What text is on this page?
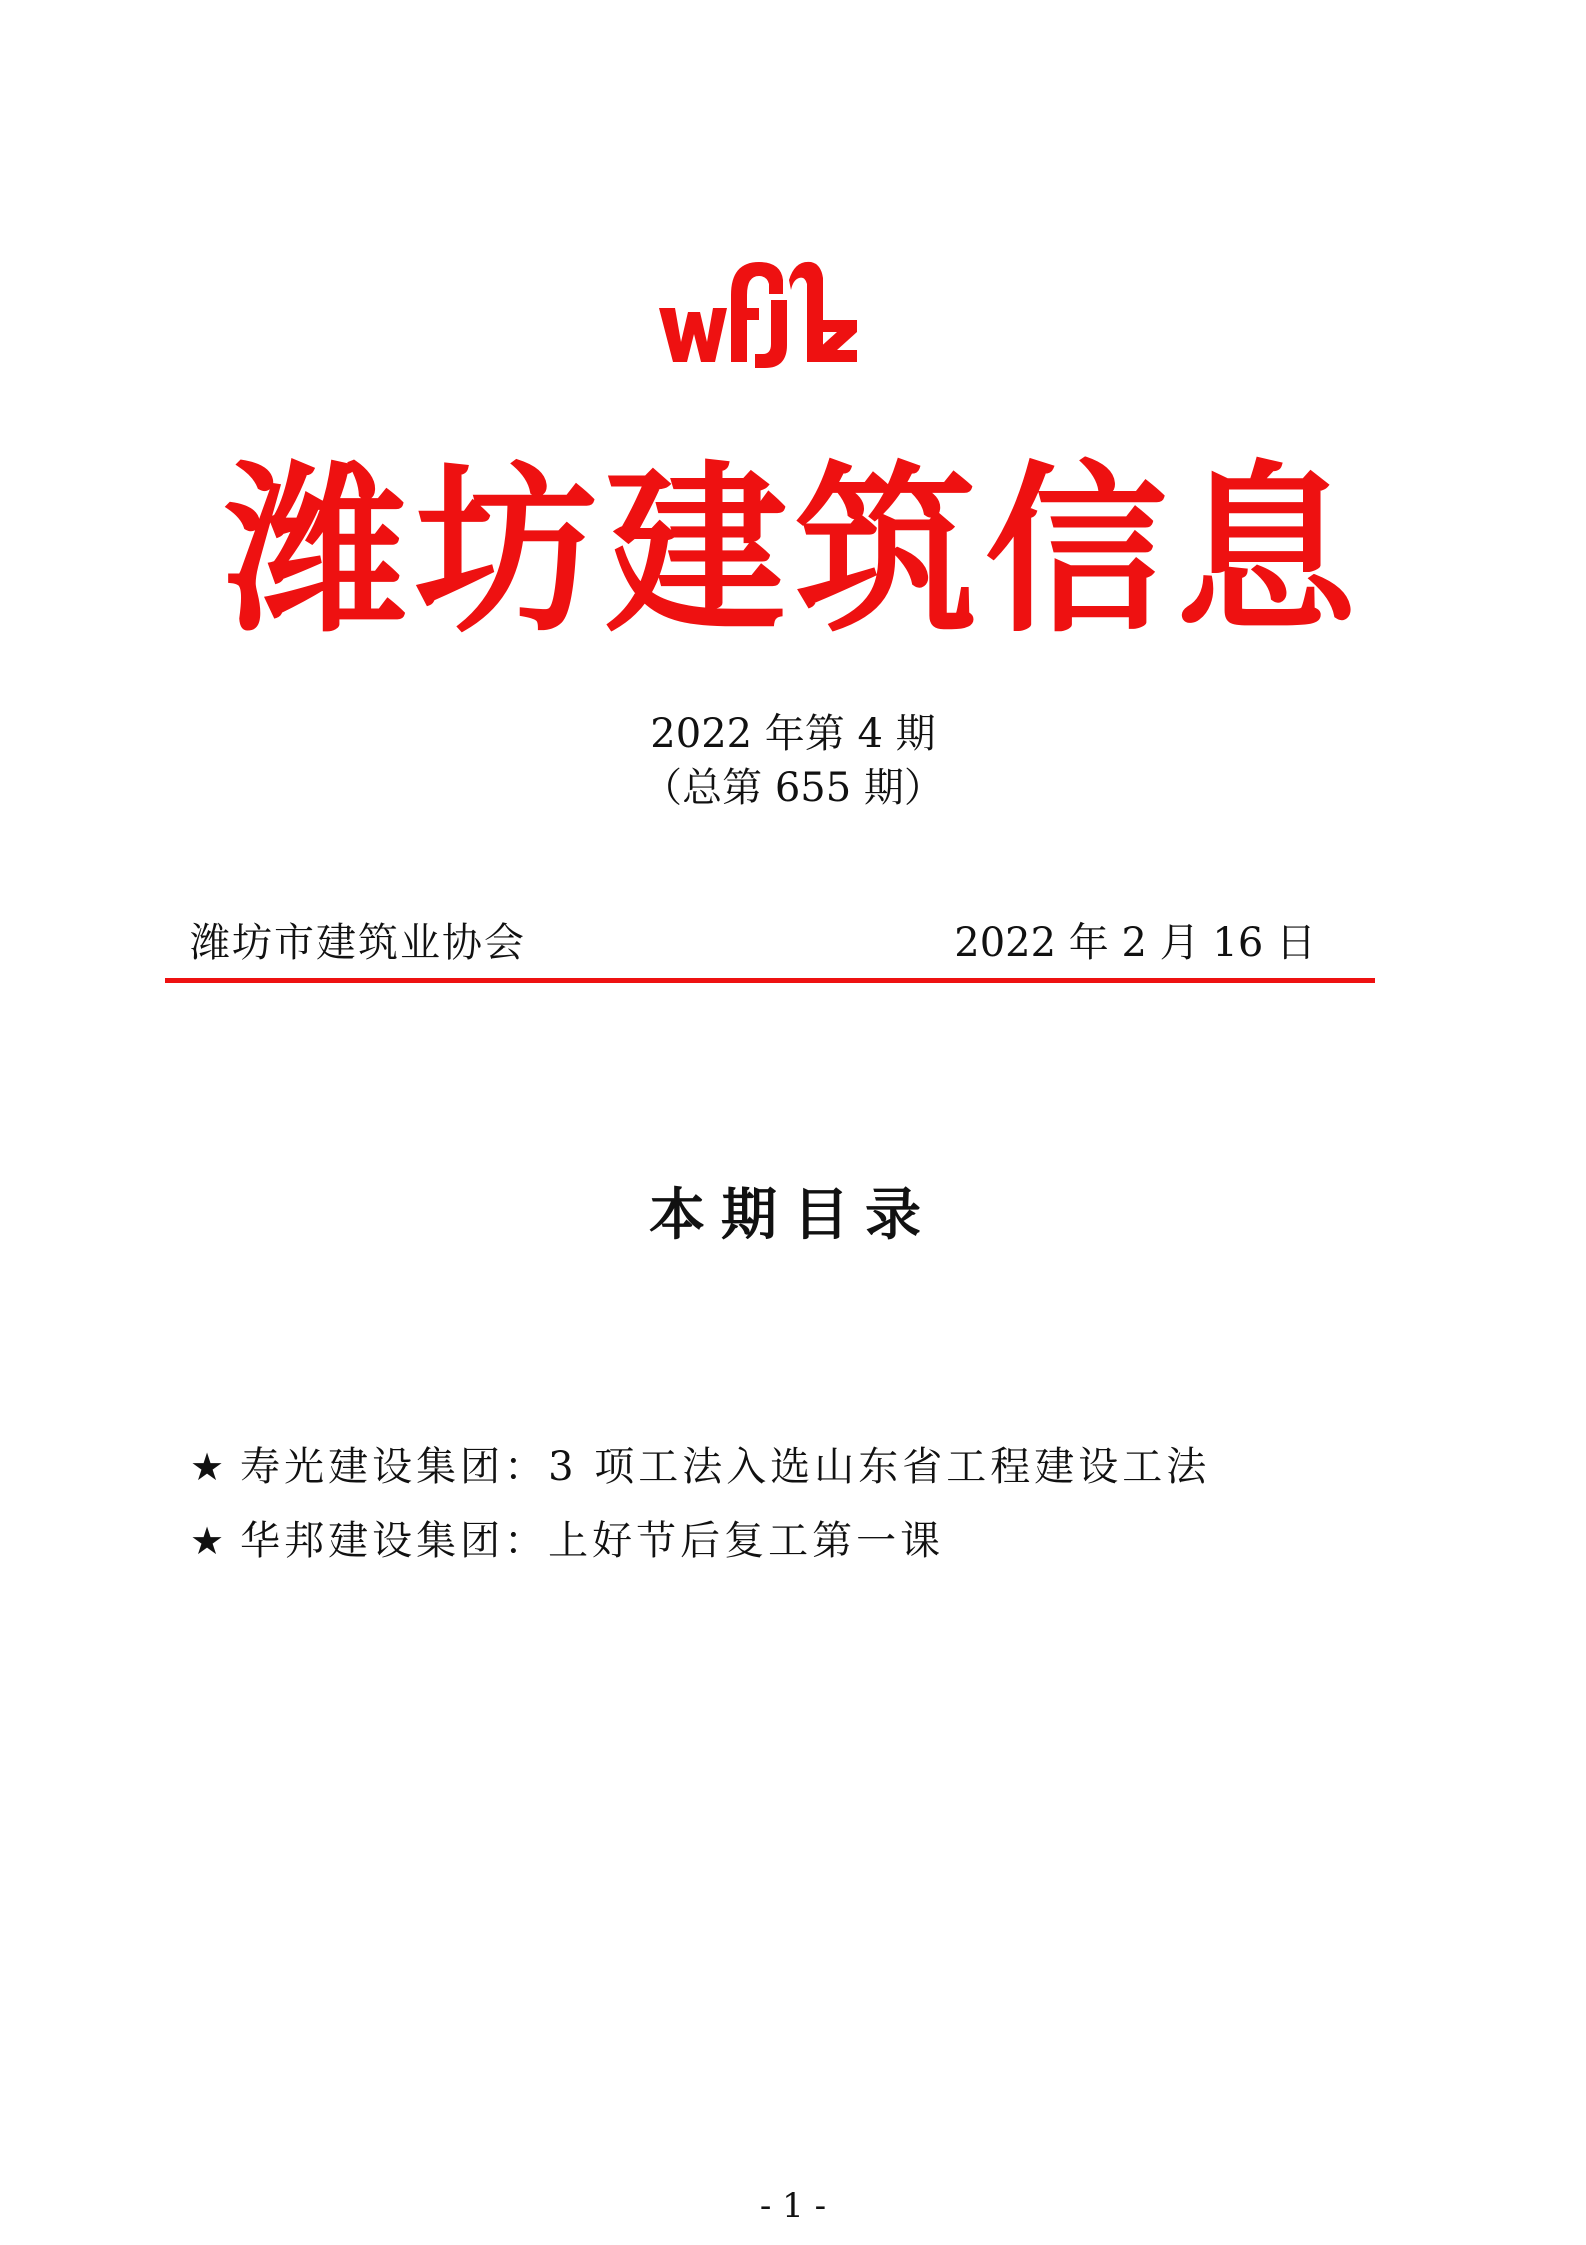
潍坊建筑信息
2022 年第 4 期
（总第 655 期）
潍坊市建筑业协会	2022 年 2 月 16 日
本期目录
★ 寿光建设集团：3 项工法入选山东省工程建设工法
★ 华邦建设集团：上好节后复工第一课
- 1 -
